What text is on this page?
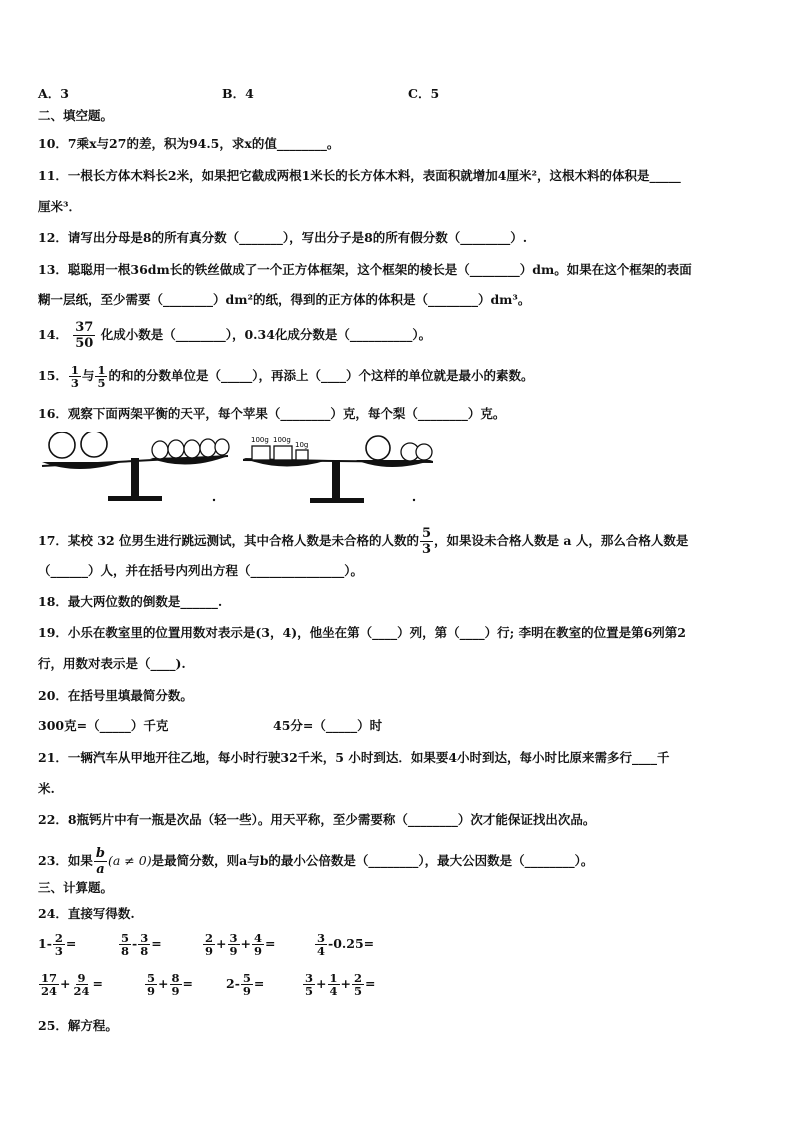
A．3	B．4	C．5
二、填空题。
10．7乘x与27的差，积为94.5，求x的值________。
11．一根长方体木料长2米，如果把它截成两根1米长的长方体木料，表面积就增加4厘米²，这根木料的体积是_____
厘米³．
12．请写出分母是8的所有真分数（_______），写出分子是8的所有假分数（________）.
13．聪聪用一根36dm长的铁丝做成了一个正方体框架，这个框架的棱长是（________）dm。如果在这个框架的表面
糊一层纸，至少需要（________）dm²的纸，得到的正方体的体积是（________）dm³。
14． $\frac{37}{50}$ 化成小数是（________），0.34化成分数是（__________）。
15． $\frac{1}{3}$ 与 $\frac{1}{5}$ 的和的分数单位是（_____），再添上（____）个这样的单位就是最小的素数。
16．观察下面两架平衡的天平，每个苹果（________）克，每个梨（________）克。
100g 100g
10g
17．某校 32 位男生进行跳远测试，其中合格人数是未合格的人数的 $\frac{5}{3}$ ，如果设未合格人数是 a 人，那么合格人数是
（______）人，并在括号内列出方程（_______________）。
18．最大两位数的倒数是______.
19．小乐在教室里的位置用数对表示是(3，4)，他坐在第（____）列，第（____）行; 李明在教室的位置是第6列第2
行，用数对表示是（____).
20．在括号里填最简分数。
300克=（_____）千克	45分=（_____）时
21．一辆汽车从甲地开往乙地，每小时行驶32千米，5 小时到达．如果要4小时到达，每小时比原来需多行____千
米.
22．8瓶钙片中有一瓶是次品（轻一些）。用天平称，至少需要称（________）次才能保证找出次品。
23．如果 $\frac{b}{a} (a \ne 0)$是最简分数，则a与b的最小公倍数是（________），最大公因数是（________）。
三、计算题。
24．直接写得数.
$1- \frac{2}{3}$ =	$\frac{5}{8} - \frac{3}{8}$ =	$\frac{2}{9} + \frac{3}{9} + \frac{4}{9}$ =	$\frac{3}{4} -0.25=$
$\frac{17}{24} + \frac{9}{24}$ =	$\frac{5}{9} + \frac{8}{9}$ =	$2- \frac{5}{9}$ =	$\frac{3}{5} + \frac{1}{4} + \frac{2}{5}$ =
25．解方程。
